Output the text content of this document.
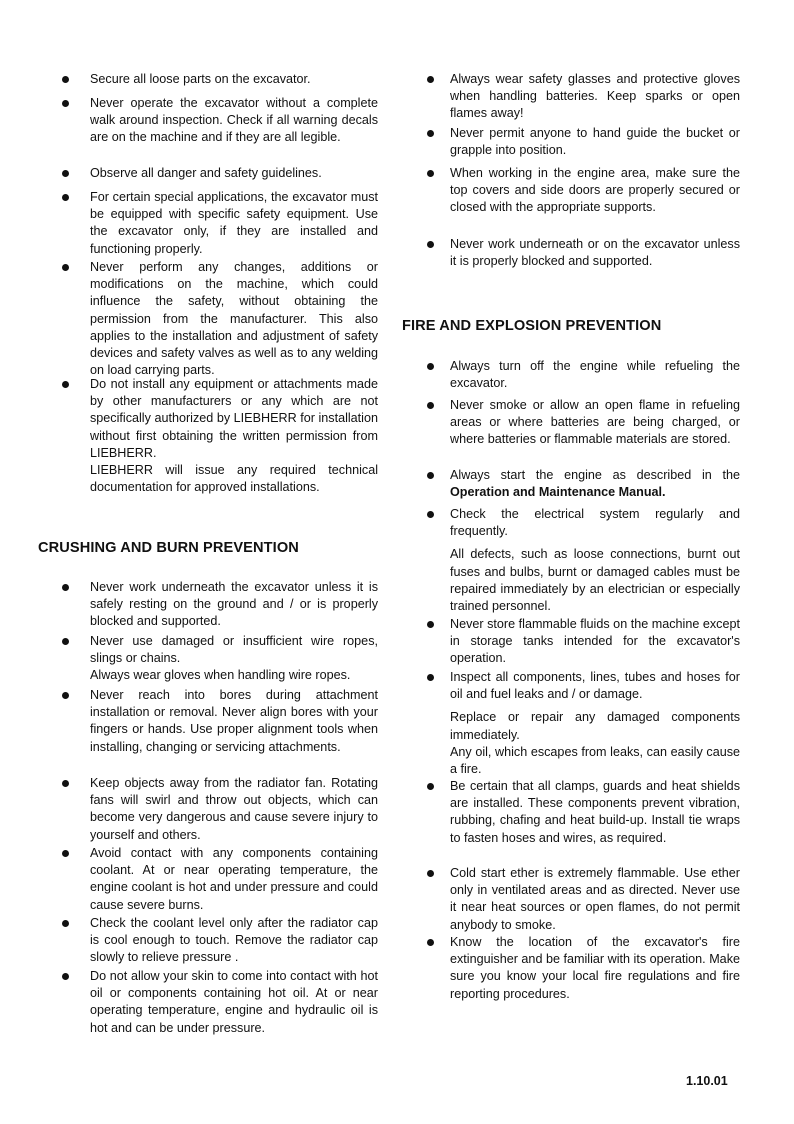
Secure all loose parts on the excavator.

Never operate the excavator without a complete walk around inspection. Check if all warning decals are on the machine and if they are all legible.

Observe all danger and safety guidelines.

For certain special applications, the excavator must be equipped with specific safety equipment. Use the excavator only, if they are installed and functioning properly.

Never perform any changes, additions or modifications on the machine, which could influence the safety, without obtaining the permission from the manufacturer. This also applies to the installation and adjustment of safety devices and safety valves as well as to any welding on load carrying parts.

Do not install any equipment or attachments made by other manufacturers or any which are not specifically authorized by LIEBHERR for installation without first obtaining the written permission from LIEBHERR.

LIEBHERR will issue any required technical documentation for approved installations.

CRUSHING AND BURN PREVENTION

Never work underneath the excavator unless it is safely resting on the ground and / or is properly blocked and supported.

Never use damaged or insufficient wire ropes, slings or chains.

Always wear gloves when handling wire ropes.

Never reach into bores during attachment installation or removal. Never align bores with your fingers or hands. Use proper alignment tools when installing, changing or servicing attachments.

Keep objects away from the radiator fan. Rotating fans will swirl and throw out objects, which can become very dangerous and cause severe injury to yourself and others.

Avoid contact with any components containing coolant. At or near operating temperature, the engine coolant is hot and under pressure and could cause severe burns.

Check the coolant level only after the radiator cap is cool enough to touch. Remove the radiator cap slowly to relieve pressure .

Do not allow your skin to come into contact with hot oil or components containing hot oil. At or near operating temperature, engine and hydraulic oil is hot and can be under pressure.

Always wear safety glasses and protective gloves when handling batteries. Keep sparks or open flames away!

Never permit anyone to hand guide the bucket or grapple into position.

When working in the engine area, make sure the top covers and side doors are properly secured or closed with the appropriate supports.

Never work underneath or on the excavator unless it is properly blocked and supported.

FIRE AND EXPLOSION PREVENTION

Always turn off the engine while refueling the excavator.

Never smoke or allow an open flame in refueling areas or where batteries are being charged, or where batteries or flammable materials are stored.

Always start the engine as described in the Operation and Maintenance Manual.

Check the electrical system regularly and frequently.

All defects, such as loose connections, burnt out fuses and bulbs, burnt or damaged cables must be repaired immediately by an electrician or especially trained personnel.

Never store flammable fluids on the machine except in storage tanks intended for the excavator's operation.

Inspect all components, lines, tubes and hoses for oil and fuel leaks and / or damage.

Replace or repair any damaged components immediately.

Any oil, which escapes from leaks, can easily cause a fire.

Be certain that all clamps, guards and heat shields are installed. These components prevent vibration, rubbing, chafing and heat build-up. Install tie wraps to fasten hoses and wires, as required.

Cold start ether is extremely flammable. Use ether only in ventilated areas and as directed. Never use it near heat sources or open flames, do not permit anybody to smoke.

Know the location of the excavator's fire extinguisher and be familiar with its operation. Make sure you know your local fire regulations and fire reporting procedures.

1.10.01
